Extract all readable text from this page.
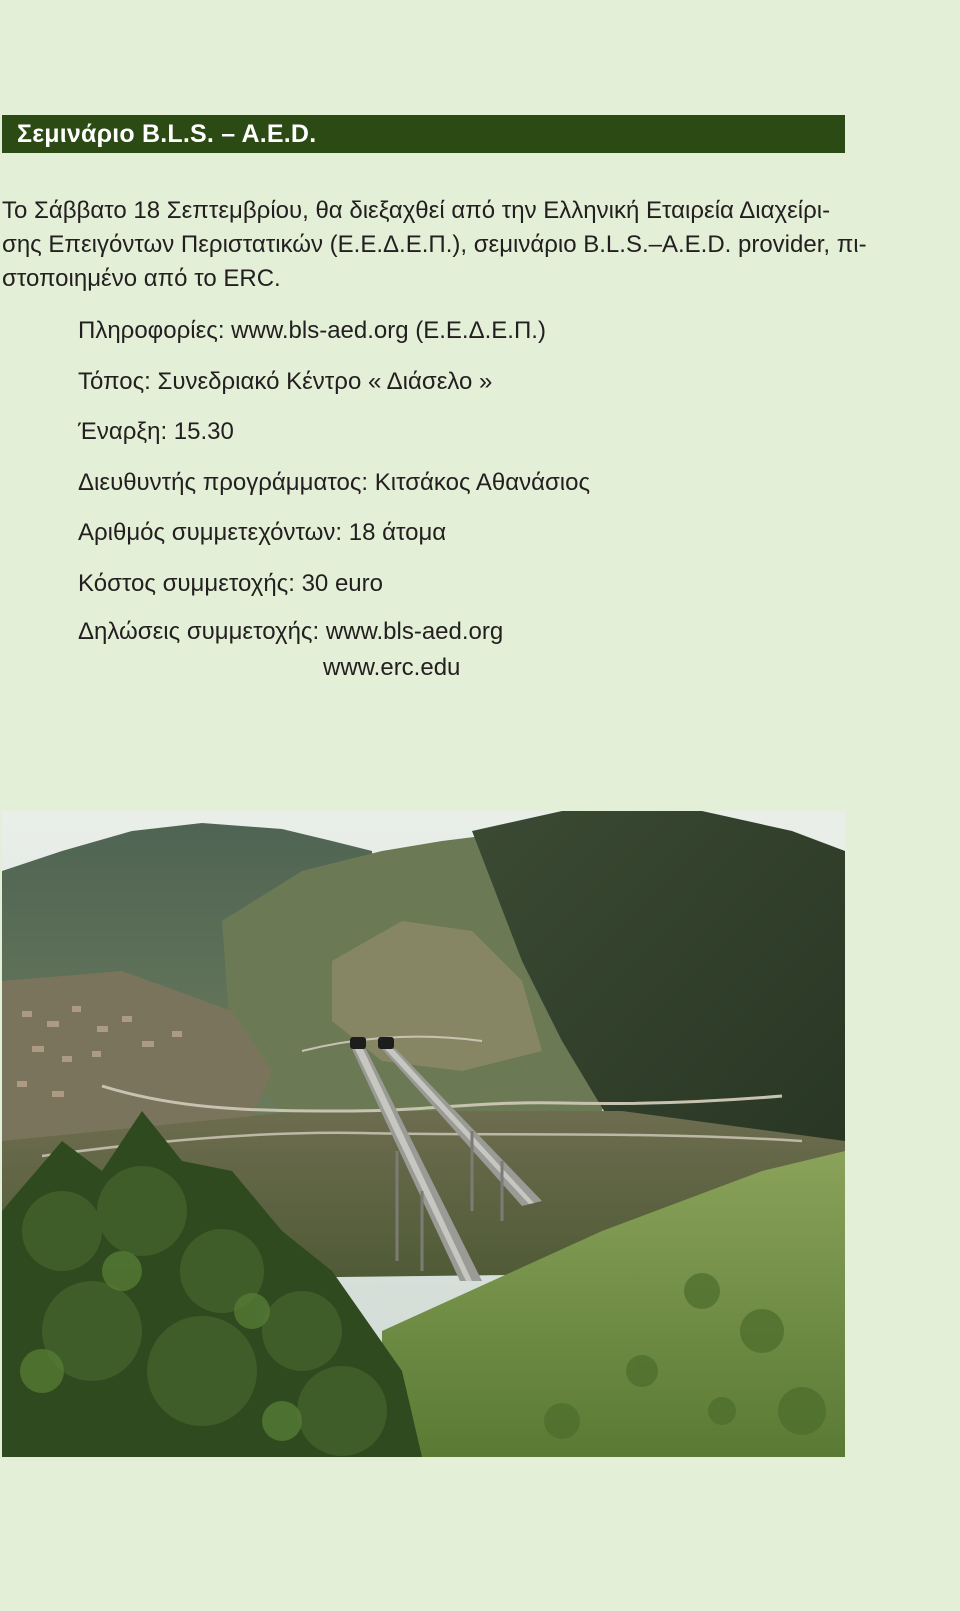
Σεμινάριο B.L.S. – A.E.D.

Το Σάββατο 18 Σεπτεμβρίου, θα διεξαχθεί από την Ελληνική Εταιρεία Διαχείρι-
σης Επειγόντων Περιστατικών (Ε.Ε.Δ.Ε.Π.), σεμινάριο B.L.S.–A.E.D. provider, πι-
στοποιημένο από το ERC.

Πληροφορίες: www.bls-aed.org (Ε.Ε.Δ.Ε.Π.)
Τόπος: Συνεδριακό Κέντρο « Διάσελο »
Έναρξη: 15.30
Διευθυντής προγράμματος: Κιτσάκος Αθανάσιος
Αριθμός συμμετεχόντων: 18 άτομα
Κόστος συμμετοχής: 30 euro
Δηλώσεις συμμετοχής: www.bls-aed.org
www.erc.edu
